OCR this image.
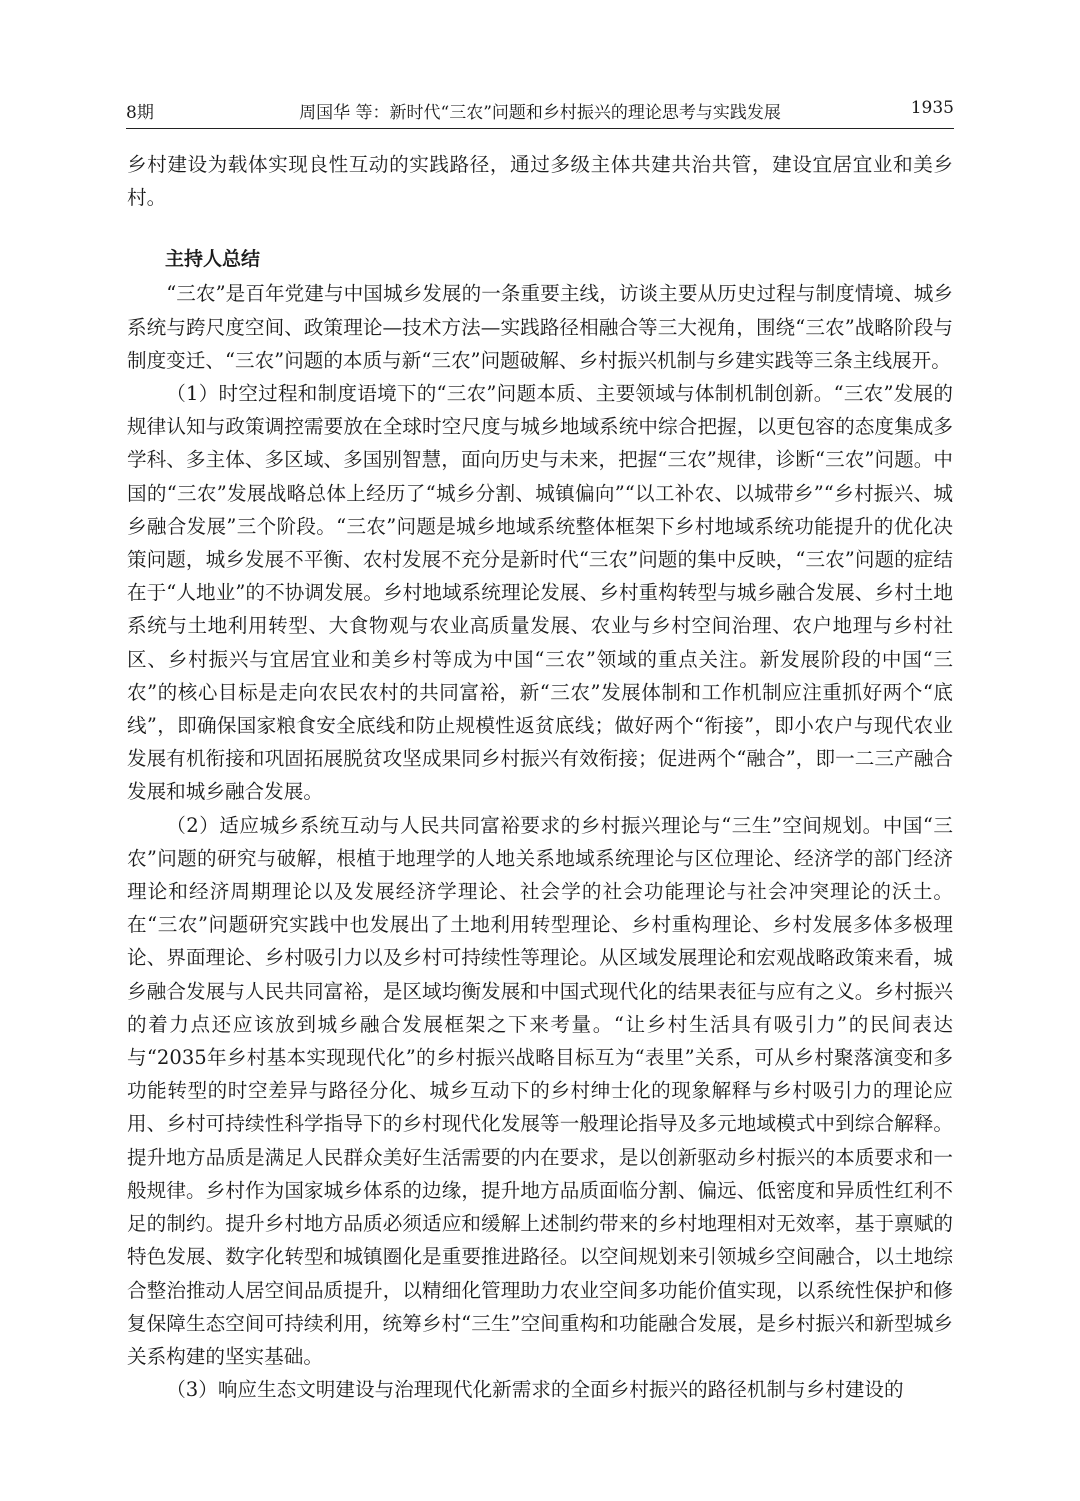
8期	周国华 等：新时代“三农”问题和乡村振兴的理论思考与实践发展	1935

乡村建设为载体实现良性互动的实践路径，通过多级主体共建共治共管，建设宜居宜业和美乡村。

主持人总结

“三农”是百年党建与中国城乡发展的一条重要主线，访谈主要从历史过程与制度情境、城乡系统与跨尺度空间、政策理论—技术方法—实践路径相融合等三大视角，围绕“三农”战略阶段与制度变迁、“三农”问题的本质与新“三农”问题破解、乡村振兴机制与乡建实践等三条主线展开。

（1）时空过程和制度语境下的“三农”问题本质、主要领域与体制机制创新。“三农”发展的规律认知与政策调控需要放在全球时空尺度与城乡地域系统中综合把握，以更包容的态度集成多学科、多主体、多区域、多国别智慧，面向历史与未来，把握“三农”规律，诊断“三农”问题。中国的“三农”发展战略总体上经历了“城乡分割、城镇偏向”“以工补农、以城带乡”“乡村振兴、城乡融合发展”三个阶段。“三农”问题是城乡地域系统整体框架下乡村地域系统功能提升的优化决策问题，城乡发展不平衡、农村发展不充分是新时代“三农”问题的集中反映，“三农”问题的症结在于“人地业”的不协调发展。乡村地域系统理论发展、乡村重构转型与城乡融合发展、乡村土地系统与土地利用转型、大食物观与农业高质量发展、农业与乡村空间治理、农户地理与乡村社区、乡村振兴与宜居宜业和美乡村等成为中国“三农”领域的重点关注。新发展阶段的中国“三农”的核心目标是走向农民农村的共同富裕，新“三农”发展体制和工作机制应注重抓好两个“底线”，即确保国家粮食安全底线和防止规模性返贫底线；做好两个“衔接”，即小农户与现代农业发展有机衔接和巩固拓展脱贫攻坚成果同乡村振兴有效衔接；促进两个“融合”，即一二三产融合发展和城乡融合发展。

（2）适应城乡系统互动与人民共同富裕要求的乡村振兴理论与“三生”空间规划。中国“三农”问题的研究与破解，根植于地理学的人地关系地域系统理论与区位理论、经济学的部门经济理论和经济周期理论以及发展经济学理论、社会学的社会功能理论与社会冲突理论的沃土。在“三农”问题研究实践中也发展出了土地利用转型理论、乡村重构理论、乡村发展多体多极理论、界面理论、乡村吸引力以及乡村可持续性等理论。从区域发展理论和宏观战略政策来看，城乡融合发展与人民共同富裕，是区域均衡发展和中国式现代化的结果表征与应有之义。乡村振兴的着力点还应该放到城乡融合发展框架之下来考量。“让乡村生活具有吸引力”的民间表达与“2035年乡村基本实现现代化”的乡村振兴战略目标互为“表里”关系，可从乡村聚落演变和多功能转型的时空差异与路径分化、城乡互动下的乡村绅士化的现象解释与乡村吸引力的理论应用、乡村可持续性科学指导下的乡村现代化发展等一般理论指导及多元地域模式中到综合解释。提升地方品质是满足人民群众美好生活需要的内在要求，是以创新驱动乡村振兴的本质要求和一般规律。乡村作为国家城乡体系的边缘，提升地方品质面临分割、偏远、低密度和异质性红利不足的制约。提升乡村地方品质必须适应和缓解上述制约带来的乡村地理相对无效率，基于禀赋的特色发展、数字化转型和城镇圈化是重要推进路径。以空间规划来引领城乡空间融合，以土地综合整治推动人居空间品质提升，以精细化管理助力农业空间多功能价值实现，以系统性保护和修复保障生态空间可持续利用，统筹乡村“三生”空间重构和功能融合发展，是乡村振兴和新型城乡关系构建的坚实基础。

（3）响应生态文明建设与治理现代化新需求的全面乡村振兴的路径机制与乡村建设的
